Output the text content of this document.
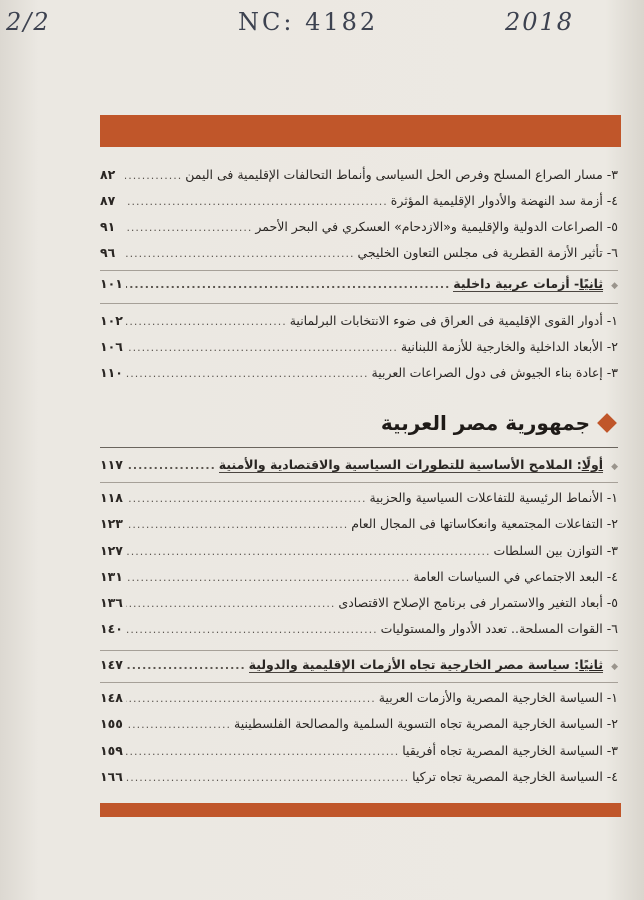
2/2	NC: 4182	2018
٣- مسار الصراع المسلح وفرص الحل السياسى وأنماط التحالفات الإقليمية فى اليمن
.....
٨٢
٤- أزمة سد النهضة والأدوار الإقليمية المؤثرة
.....
٨٧
٥- الصراعات الدولية والإقليمية و«الازدحام» العسكري في البحر الأحمر
.....
٩١
٦- تأثير الأزمة القطرية فى مجلس التعاون الخليجي
.....
٩٦
◆
ثانيًا- أزمات عربية داخلية
.....
١٠١
١- أدوار القوى الإقليمية فى العراق فى ضوء الانتخابات البرلمانية
.....
١٠٢
٢- الأبعاد الداخلية والخارجية للأزمة اللبنانية
.....
١٠٦
٣- إعادة بناء الجيوش فى دول الصراعات العربية
.....
١١٠
جمهورية مصر العربية
◆
أولًا: الملامح الأساسية للتطورات السياسية والاقتصادية والأمنية
.....
١١٧
١- الأنماط الرئيسية للتفاعلات السياسية والحزبية
.....
١١٨
٢- التفاعلات المجتمعية وانعكاساتها فى المجال العام
.....
١٢٣
٣- التوازن بين السلطات
.....
١٢٧
٤- البعد الاجتماعي في السياسات العامة
.....
١٣١
٥- أبعاد التغير والاستمرار فى برنامج الإصلاح الاقتصادى
.....
١٣٦
٦- القوات المسلحة.. تعدد الأدوار والمستوليات
.....
١٤٠
◆
ثانيًا: سياسة مصر الخارجية تجاه الأزمات الإقليمية والدولية
.....
١٤٧
١- السياسة الخارجية المصرية والأزمات العربية
.....
١٤٨
٢- السياسة الخارجية المصرية تجاه التسوية السلمية والمصالحة الفلسطينية
.....
١٥٥
٣- السياسة الخارجية المصرية تجاه أفريقيا
.....
١٥٩
٤- السياسة الخارجية المصرية تجاه تركيا
.....
١٦٦
